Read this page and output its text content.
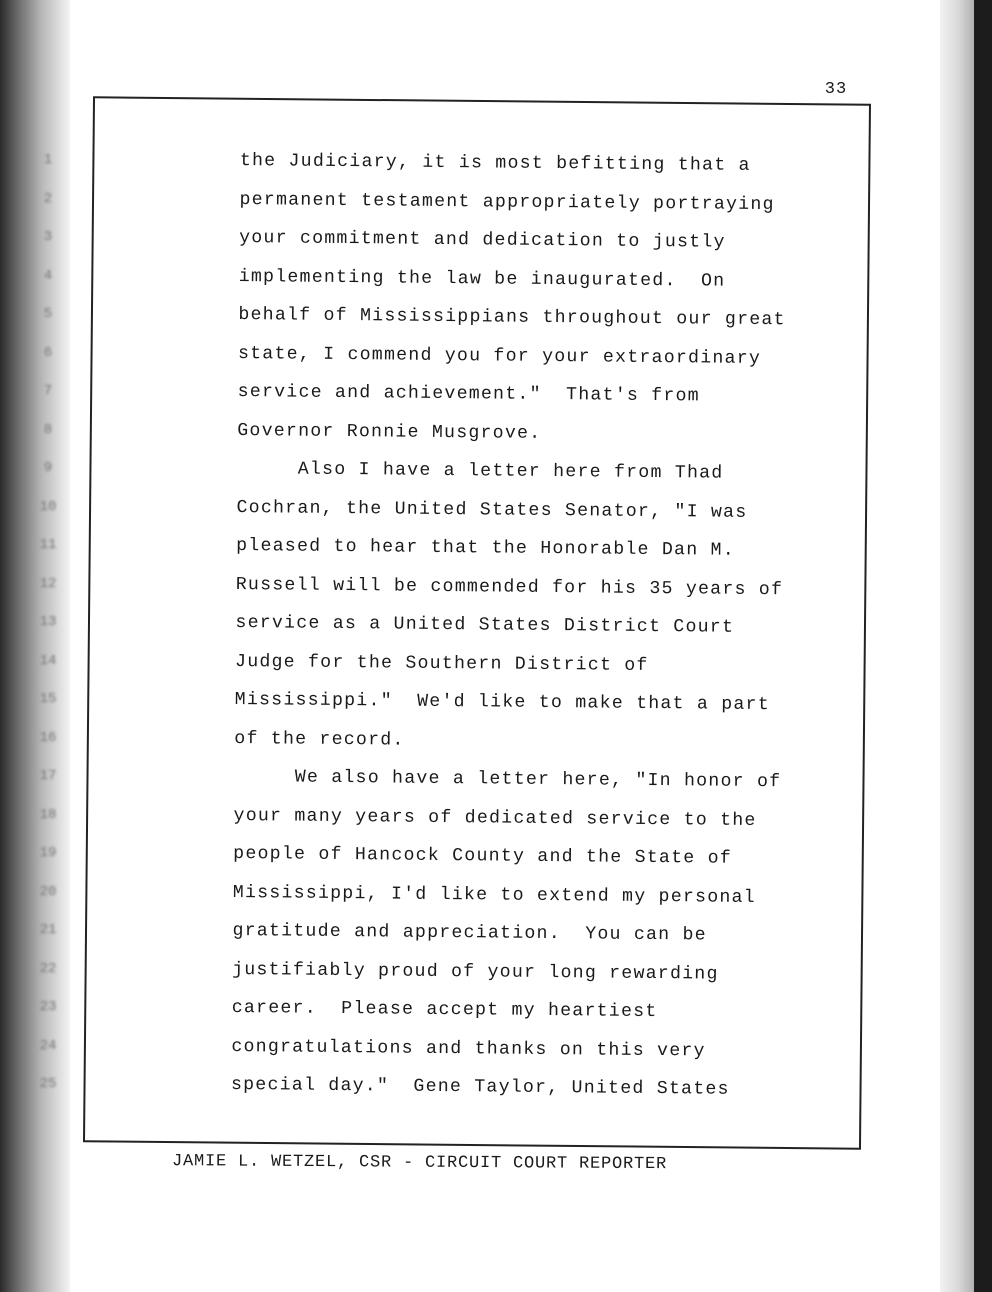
33
1
2
3
4
5
6
7
8
9
10
11
12
13
14
15
16
17
18
19
20
21
22
23
24
25
the Judiciary, it is most befitting that a
permanent testament appropriately portraying
your commitment and dedication to justly
implementing the law be inaugurated.  On
behalf of Mississippians throughout our great
state, I commend you for your extraordinary
service and achievement."  That's from
Governor Ronnie Musgrove.
Also I have a letter here from Thad
Cochran, the United States Senator, "I was
pleased to hear that the Honorable Dan M.
Russell will be commended for his 35 years of
service as a United States District Court
Judge for the Southern District of
Mississippi."  We'd like to make that a part
of the record.
We also have a letter here, "In honor of
your many years of dedicated service to the
people of Hancock County and the State of
Mississippi, I'd like to extend my personal
gratitude and appreciation.  You can be
justifiably proud of your long rewarding
career.  Please accept my heartiest
congratulations and thanks on this very
special day."  Gene Taylor, United States
JAMIE L. WETZEL, CSR - CIRCUIT COURT REPORTER
